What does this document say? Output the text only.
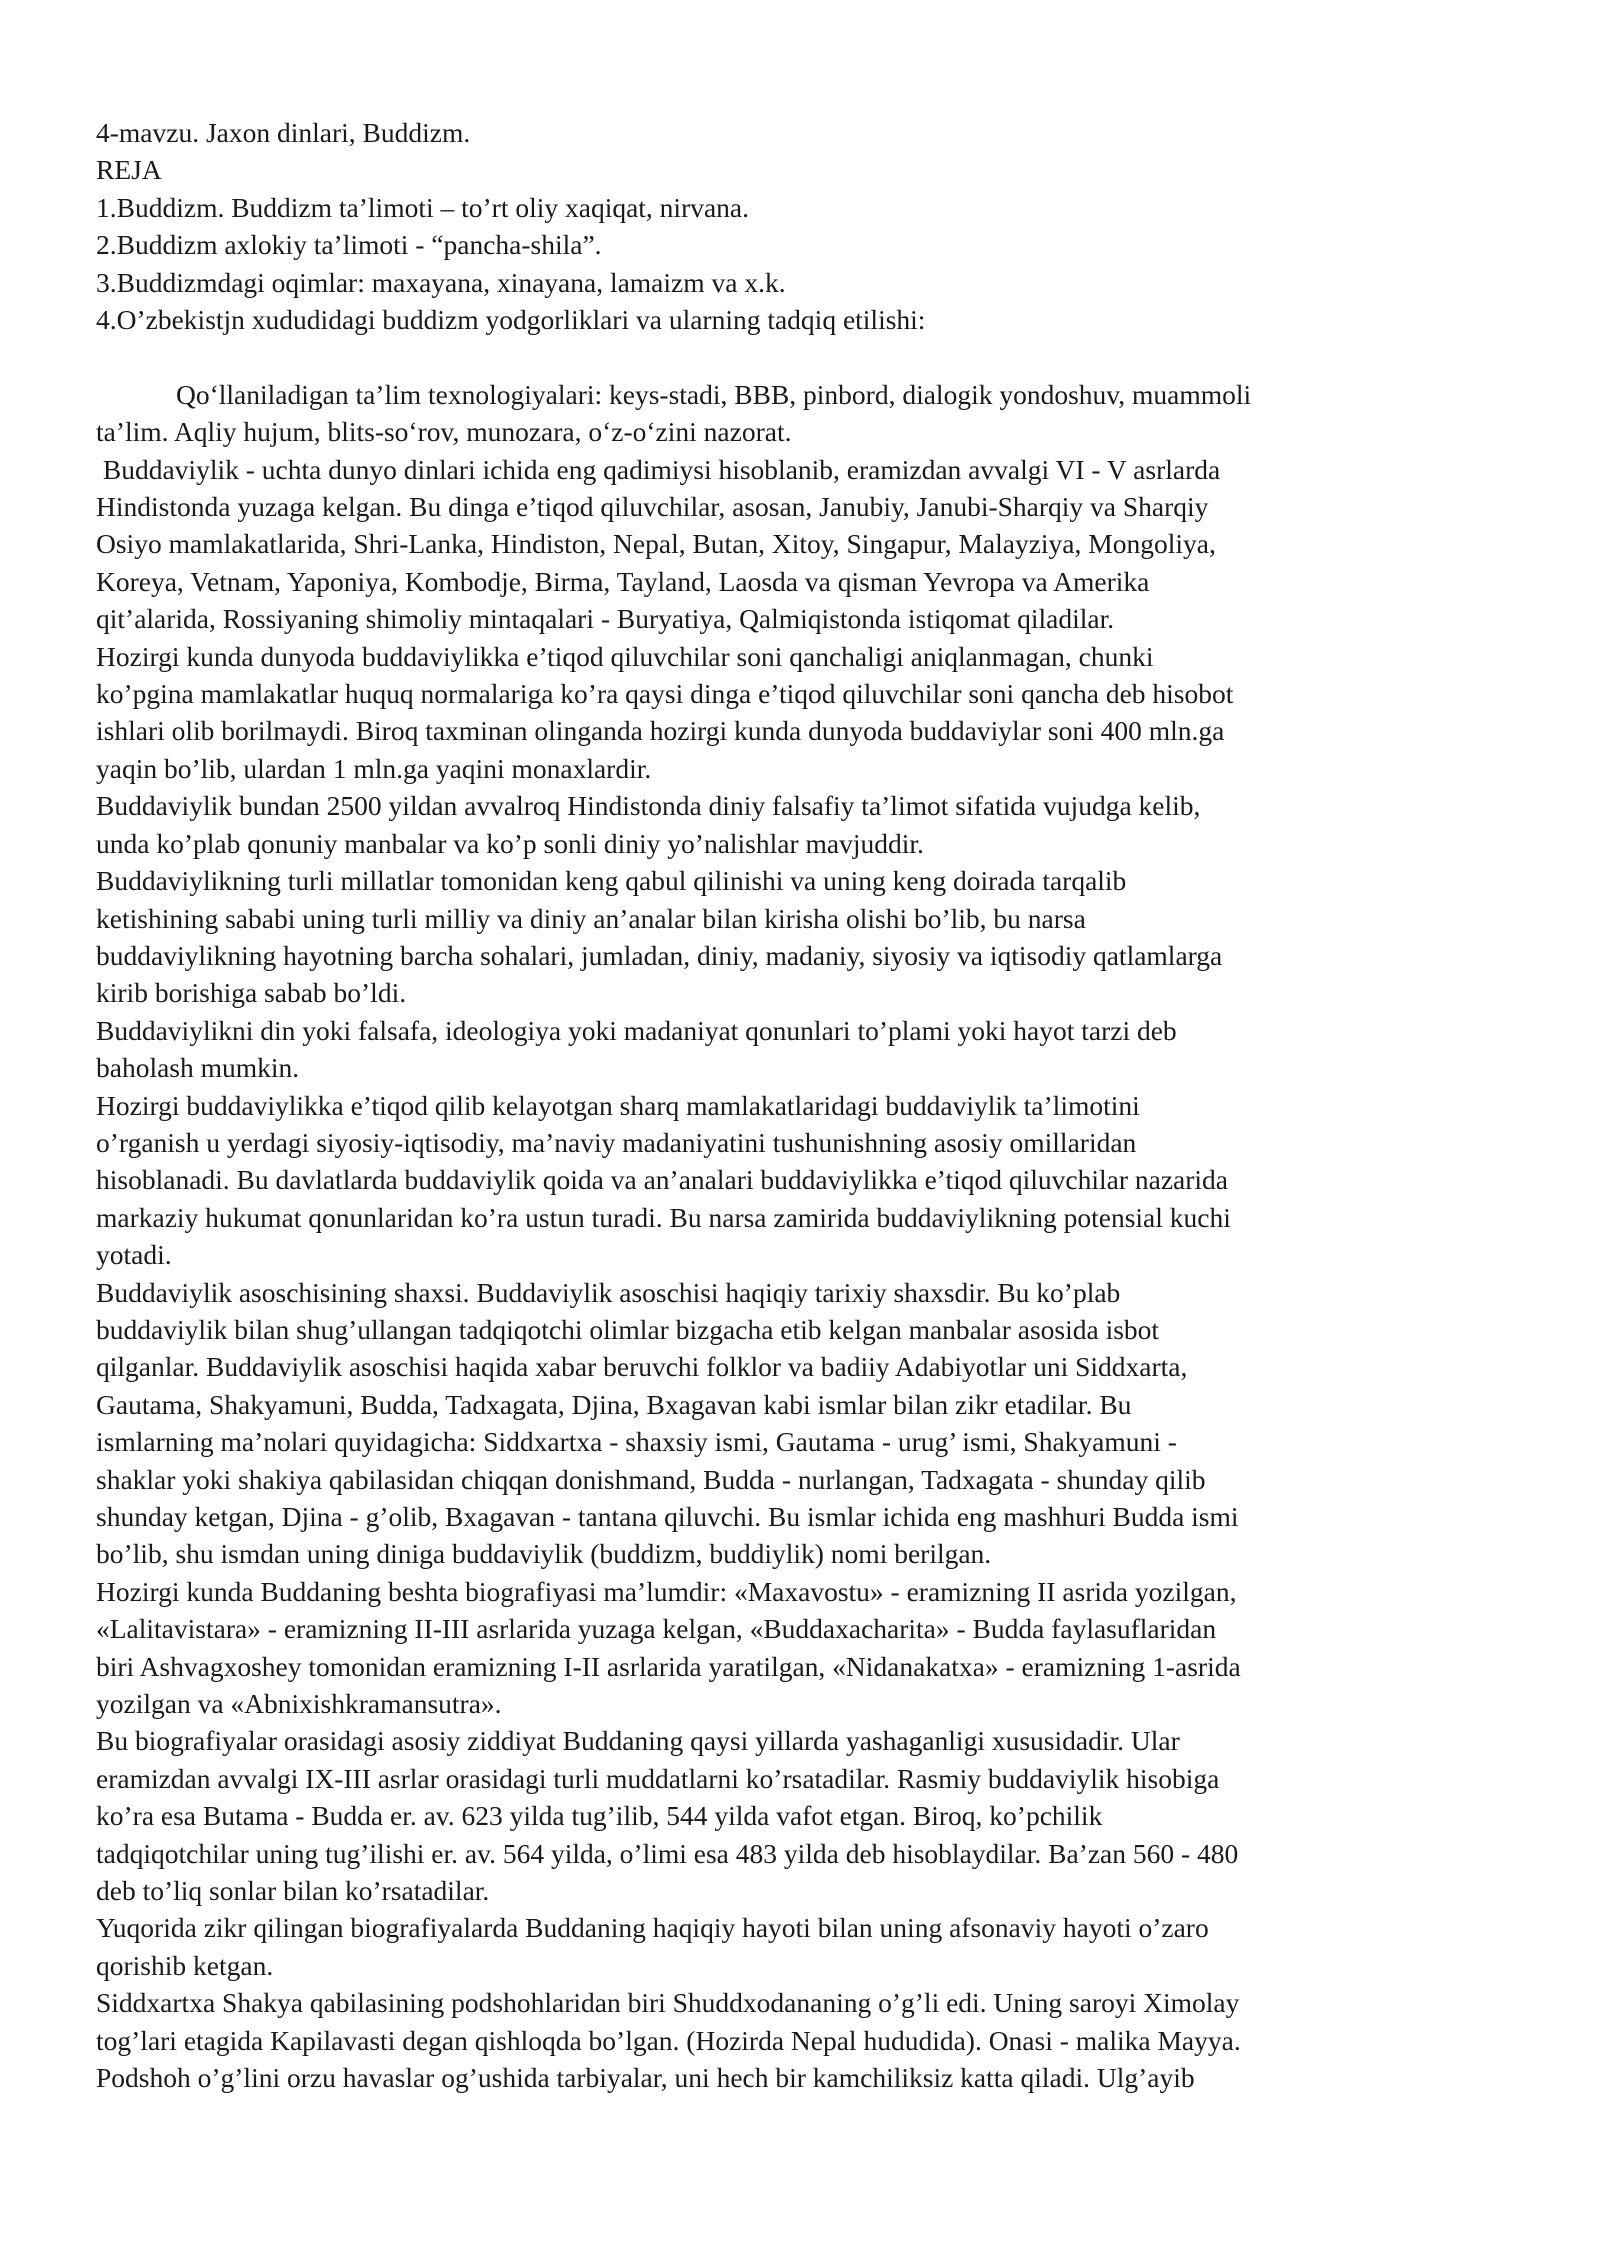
4-mavzu. Jaxon dinlari, Buddizm.
REJA
1.Buddizm. Buddizm ta’limoti – to’rt oliy xaqiqat, nirvana.
2.Buddizm axlokiy ta’limoti - “pancha-shila”.
3.Buddizmdagi oqimlar: maxayana, xinayana, lamaizm va x.k.
4.O’zbekistjn xududidagi buddizm yodgorliklari va ularning tadqiq etilishi:
Qo‘llaniladigan ta’lim texnologiyalari: keys-stadi, BBB, pinbord, dialogik yondoshuv, muammoli
ta’lim. Aqliy hujum, blits-so‘rov, munozara, o‘z-o‘zini nazorat.
Buddaviylik - uchta dunyo dinlari ichida eng qadimiysi hisoblanib, eramizdan avvalgi VI - V asrlarda
Hindistonda yuzaga kelgan. Bu dinga e’tiqod qiluvchilar, asosan, Janubiy, Janubi-Sharqiy va Sharqiy
Osiyo mamlakatlarida, Shri-Lanka, Hindiston, Nepal, Butan, Xitoy, Singapur, Malayziya, Mongoliya,
Koreya, Vetnam, Yaponiya, Kombodje, Birma, Tayland, Laosda va qisman Yevropa va Amerika
qit’alarida, Rossiyaning shimoliy mintaqalari - Buryatiya, Qalmiqistonda istiqomat qiladilar.
Hozirgi kunda dunyoda buddaviylikka e’tiqod qiluvchilar soni qanchaligi aniqlanmagan, chunki
ko’pgina mamlakatlar huquq normalariga ko’ra qaysi dinga e’tiqod qiluvchilar soni qancha deb hisobot
ishlari olib borilmaydi. Biroq taxminan olinganda hozirgi kunda dunyoda buddaviylar soni 400 mln.ga
yaqin bo’lib, ulardan 1 mln.ga yaqini monaxlardir.
Buddaviylik bundan 2500 yildan avvalroq Hindistonda diniy falsafiy ta’limot sifatida vujudga kelib,
unda ko’plab qonuniy manbalar va ko’p sonli diniy yo’nalishlar mavjuddir.
Buddaviylikning turli millatlar tomonidan keng qabul qilinishi va uning keng doirada tarqalib
ketishining sababi uning turli milliy va diniy an’analar bilan kirisha olishi bo’lib, bu narsa
buddaviylikning hayotning barcha sohalari, jumladan, diniy, madaniy, siyosiy va iqtisodiy qatlamlarga
kirib borishiga sabab bo’ldi.
Buddaviylikni din yoki falsafa, ideologiya yoki madaniyat qonunlari to’plami yoki hayot tarzi deb
baholash mumkin.
Hozirgi buddaviylikka e’tiqod qilib kelayotgan sharq mamlakatlaridagi buddaviylik ta’limotini
o’rganish u yerdagi siyosiy-iqtisodiy, ma’naviy madaniyatini tushunishning asosiy omillaridan
hisoblanadi. Bu davlatlarda buddaviylik qoida va an’analari buddaviylikka e’tiqod qiluvchilar nazarida
markaziy hukumat qonunlaridan ko’ra ustun turadi. Bu narsa zamirida buddaviylikning potensial kuchi
yotadi.
Buddaviylik asoschisining shaxsi. Buddaviylik asoschisi haqiqiy tarixiy shaxsdir. Bu ko’plab
buddaviylik bilan shug’ullangan tadqiqotchi olimlar bizgacha etib kelgan manbalar asosida isbot
qilganlar. Buddaviylik asoschisi haqida xabar beruvchi folklor va badiiy Adabiyotlar uni Siddxarta,
Gautama, Shakyamuni, Budda, Tadxagata, Djina, Bxagavan kabi ismlar bilan zikr etadilar. Bu
ismlarning ma’nolari quyidagicha: Siddxartxa - shaxsiy ismi, Gautama - urug’ ismi, Shakyamuni -
shaklar yoki shakiya qabilasidan chiqqan donishmand, Budda - nurlangan, Tadxagata - shunday qilib
shunday ketgan, Djina - g’olib, Bxagavan - tantana qiluvchi. Bu ismlar ichida eng mashhuri Budda ismi
bo’lib, shu ismdan uning diniga buddaviylik (buddizm, buddiylik) nomi berilgan.
Hozirgi kunda Buddaning beshta biografiyasi ma’lumdir: «Maxavostu» - eramizning II asrida yozilgan,
«Lalitavistara» - eramizning II-III asrlarida yuzaga kelgan, «Buddaxacharita» - Budda faylasuflaridan
biri Ashvagxoshey tomonidan eramizning I-II asrlarida yaratilgan, «Nidanakatxa» - eramizning 1-asrida
yozilgan va «Abnixishkramansutra».
Bu biografiyalar orasidagi asosiy ziddiyat Buddaning qaysi yillarda yashaganligi xususidadir. Ular
eramizdan avvalgi IX-III asrlar orasidagi turli muddatlarni ko’rsatadilar. Rasmiy buddaviylik hisobiga
ko’ra esa Butama - Budda er. av. 623 yilda tug’ilib, 544 yilda vafot etgan. Biroq, ko’pchilik
tadqiqotchilar uning tug’ilishi er. av. 564 yilda, o’limi esa 483 yilda deb hisoblaydilar. Ba’zan 560 - 480
deb to’liq sonlar bilan ko’rsatadilar.
Yuqorida zikr qilingan biografiyalarda Buddaning haqiqiy hayoti bilan uning afsonaviy hayoti o’zaro
qorishib ketgan.
Siddxartxa Shakya qabilasining podshohlaridan biri Shuddxodananing o’g’li edi. Uning saroyi Ximolay
tog’lari etagida Kapilavasti degan qishloqda bo’lgan. (Hozirda Nepal hududida). Onasi - malika Mayya.
Podshoh o’g’lini orzu havaslar og’ushida tarbiyalar, uni hech bir kamchiliksiz katta qiladi. Ulg’ayib
